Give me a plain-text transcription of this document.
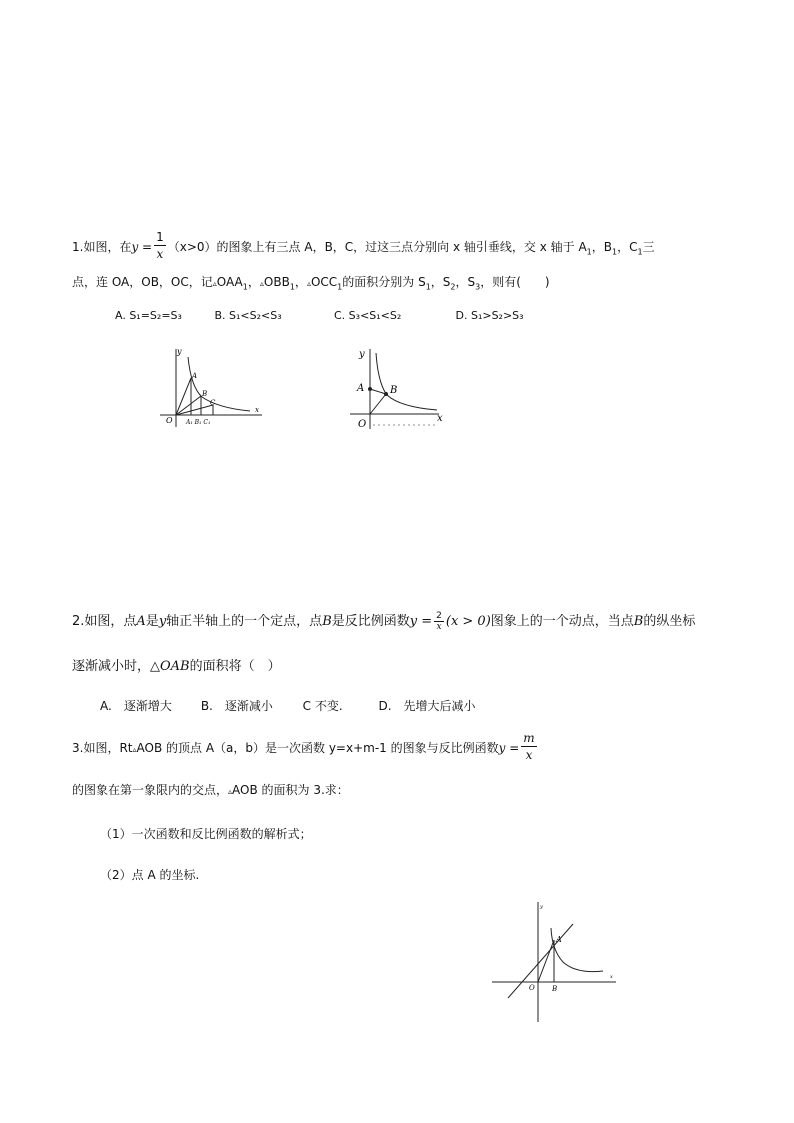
1.如图，在$y = \frac{1}{x} (x>0)$的图象上有三点 A，B，C，过这三点分别向 x 轴引垂线，交 x 轴于 $A_1$，$B_1$，$C_1$三
点，连 OA，OB，OC，记$▵OAA_1$，$▵OBB_1$，$▵OCC_1$的面积分别为 $S_1$，$S_2$，$S_3$，则有(　　)
A. S₁=S₂=S₃	B. S₁<S₂<S₃	C. S₃<S₁<S₂	D. S₁>S₂>S₃
y
A
B
C
x
O A₁ B₁ C₁
y
A	B
O
x
2.如图，点A是y轴正半轴上的一个定点，点B是反比例函数$y = \frac{2}{x} (x > 0)$图象上的一个动点，当点B的纵坐标
逐渐减小时，△OAB的面积将（　）
A.　逐渐增大 B.　逐渐减小 C 不变.	D.　先增大后减小
3.如图，Rt▵AOB 的顶点 A（a，b）是一次函数 y=x+m-1 的图象与反比例函数$y = \frac{m}{x}$
的图象在第一象限内的交点，▵AOB 的面积为 3.求：
（1）一次函数和反比例函数的解析式；
（2）点 A 的坐标.
y
A
O B
x
